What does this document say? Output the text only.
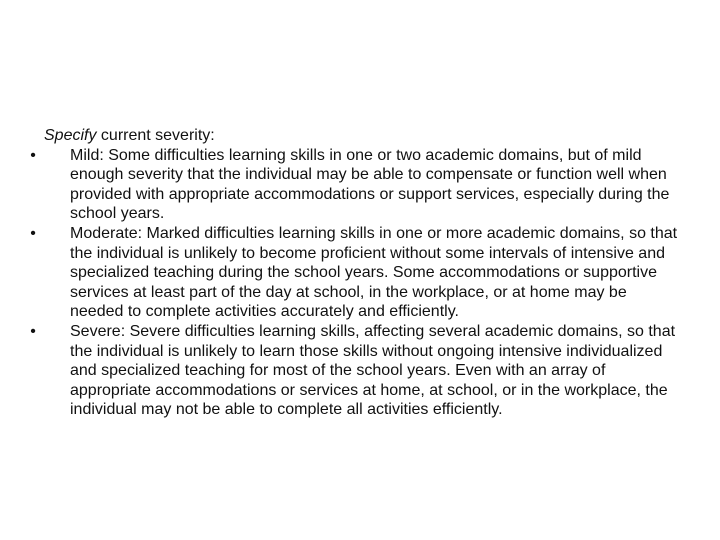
Specify current severity:

• Mild: Some difficulties learning skills in one or two academic domains, but of mild enough severity that the individual may be able to compensate or function well when provided with appropriate accommodations or support services, especially during the school years.
• Moderate: Marked difficulties learning skills in one or more academic domains, so that the individual is unlikely to become proficient without some intervals of intensive and specialized teaching during the school years. Some accommodations or supportive services at least part of the day at school, in the workplace, or at home may be needed to complete activities accurately and efficiently.
• Severe: Severe difficulties learning skills, affecting several academic domains, so that the individual is unlikely to learn those skills without ongoing intensive individualized and specialized teaching for most of the school years. Even with an array of appropriate accommodations or services at home, at school, or in the workplace, the individual may not be able to complete all activities efficiently.
